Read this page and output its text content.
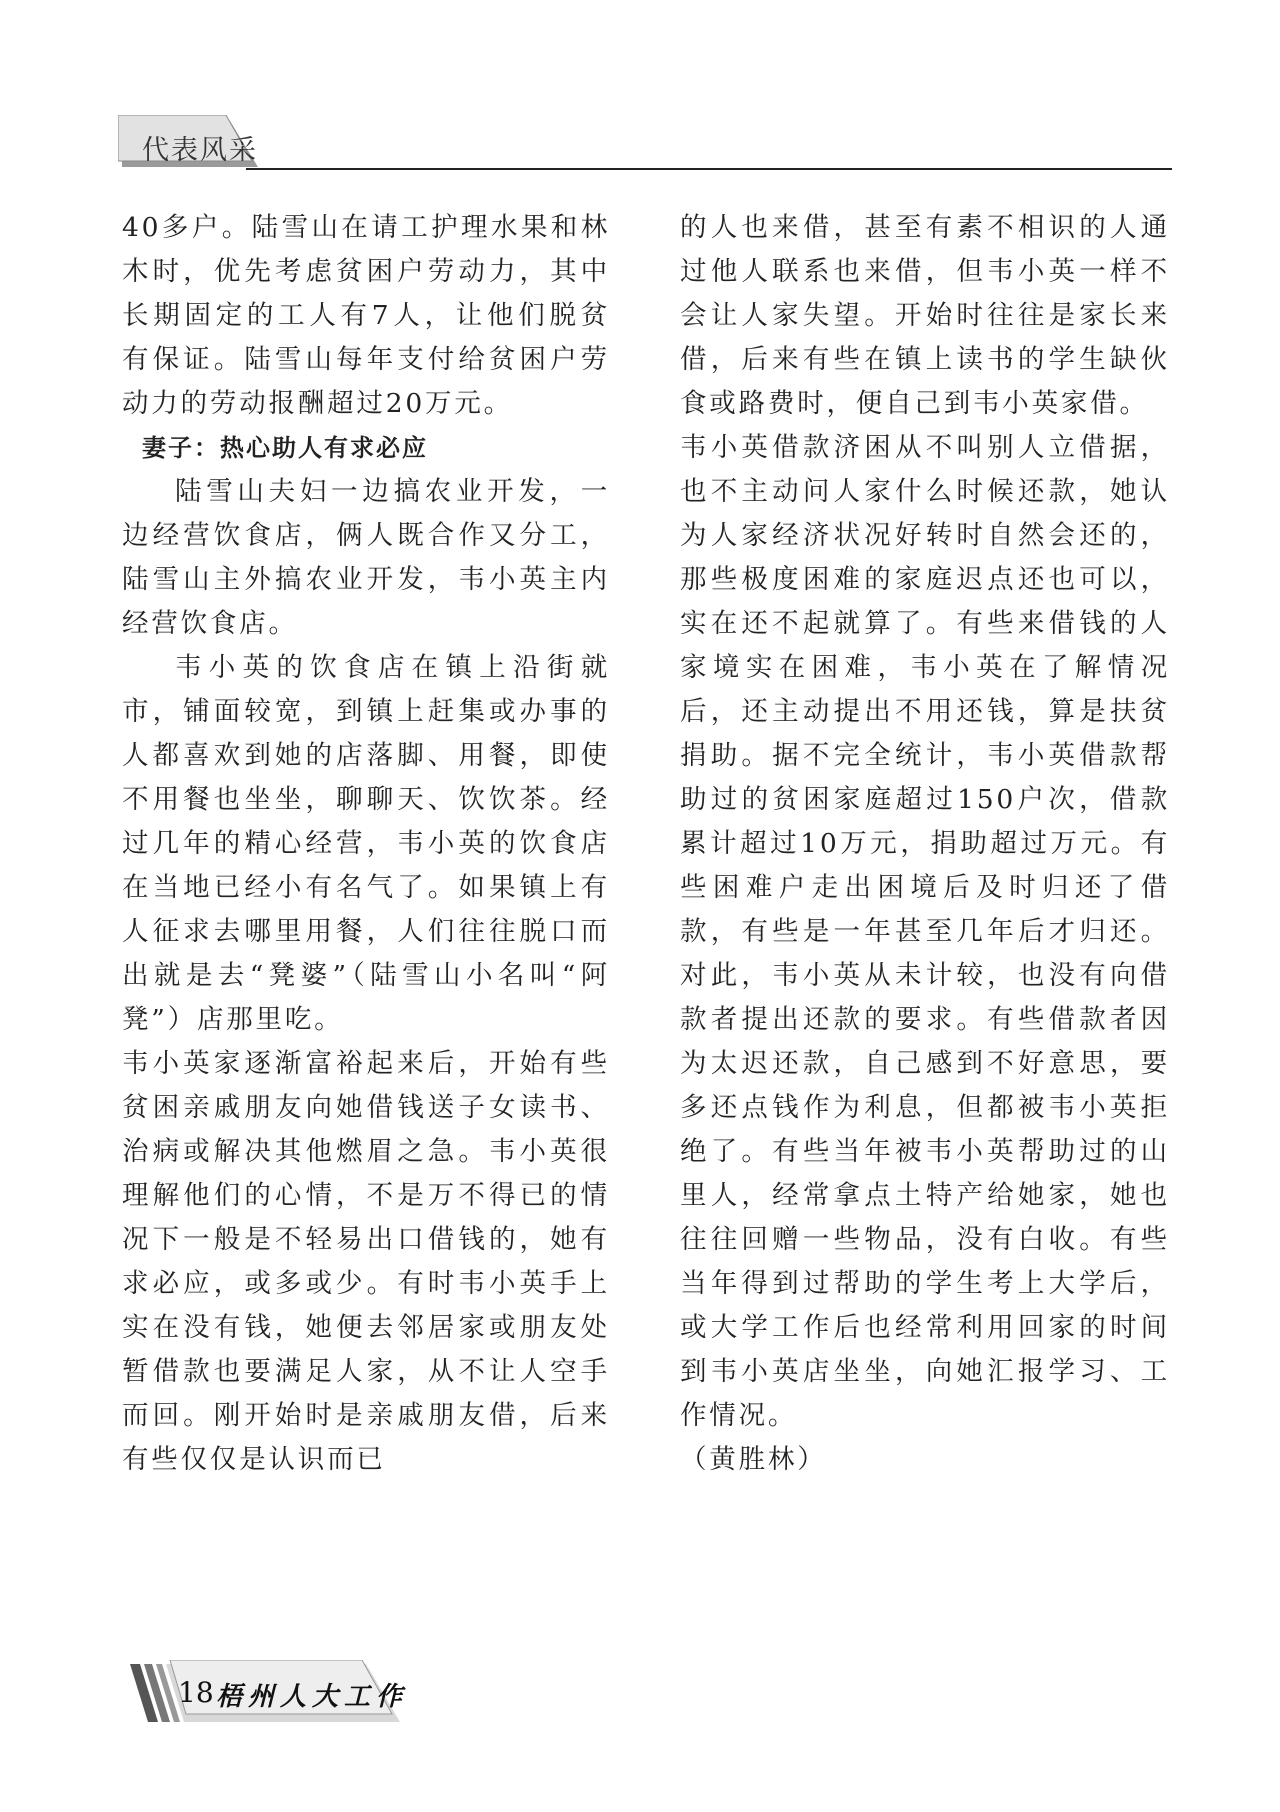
代表风采

40多户。陆雪山在请工护理水果和林木时，优先考虑贫困户劳动力，其中长期固定的工人有7人，让他们脱贫有保证。陆雪山每年支付给贫困户劳动力的劳动报酬超过20万元。

妻子：热心助人有求必应

陆雪山夫妇一边搞农业开发，一边经营饮食店，俩人既合作又分工，陆雪山主外搞农业开发，韦小英主内经营饮食店。

韦小英的饮食店在镇上沿街就市，铺面较宽，到镇上赶集或办事的人都喜欢到她的店落脚、用餐，即使不用餐也坐坐，聊聊天、饮饮茶。经过几年的精心经营，韦小英的饮食店在当地已经小有名气了。如果镇上有人征求去哪里用餐，人们往往脱口而出就是去“凳婆”（陆雪山小名叫“阿凳”）店那里吃。

韦小英家逐渐富裕起来后，开始有些贫困亲戚朋友向她借钱送子女读书、治病或解决其他燃眉之急。韦小英很理解他们的心情，不是万不得已的情况下一般是不轻易出口借钱的，她有求必应，或多或少。有时韦小英手上实在没有钱，她便去邻居家或朋友处暂借款也要满足人家，从不让人空手而回。刚开始时是亲戚朋友借，后来有些仅仅是认识而已

的人也来借，甚至有素不相识的人通过他人联系也来借，但韦小英一样不会让人家失望。开始时往往是家长来借，后来有些在镇上读书的学生缺伙食或路费时，便自己到韦小英家借。

韦小英借款济困从不叫别人立借据，也不主动问人家什么时候还款，她认为人家经济状况好转时自然会还的，那些极度困难的家庭迟点还也可以，实在还不起就算了。有些来借钱的人家境实在困难，韦小英在了解情况后，还主动提出不用还钱，算是扶贫捐助。据不完全统计，韦小英借款帮助过的贫困家庭超过150户次，借款累计超过10万元，捐助超过万元。有些困难户走出困境后及时归还了借款，有些是一年甚至几年后才归还。对此，韦小英从未计较，也没有向借款者提出还款的要求。有些借款者因为太迟还款，自己感到不好意思，要多还点钱作为利息，但都被韦小英拒绝了。有些当年被韦小英帮助过的山里人，经常拿点土特产给她家，她也往往回赠一些物品，没有白收。有些当年得到过帮助的学生考上大学后，或大学工作后也经常利用回家的时间到韦小英店坐坐，向她汇报学习、工作情况。

（黄胜林）

18 梧州人大工作
